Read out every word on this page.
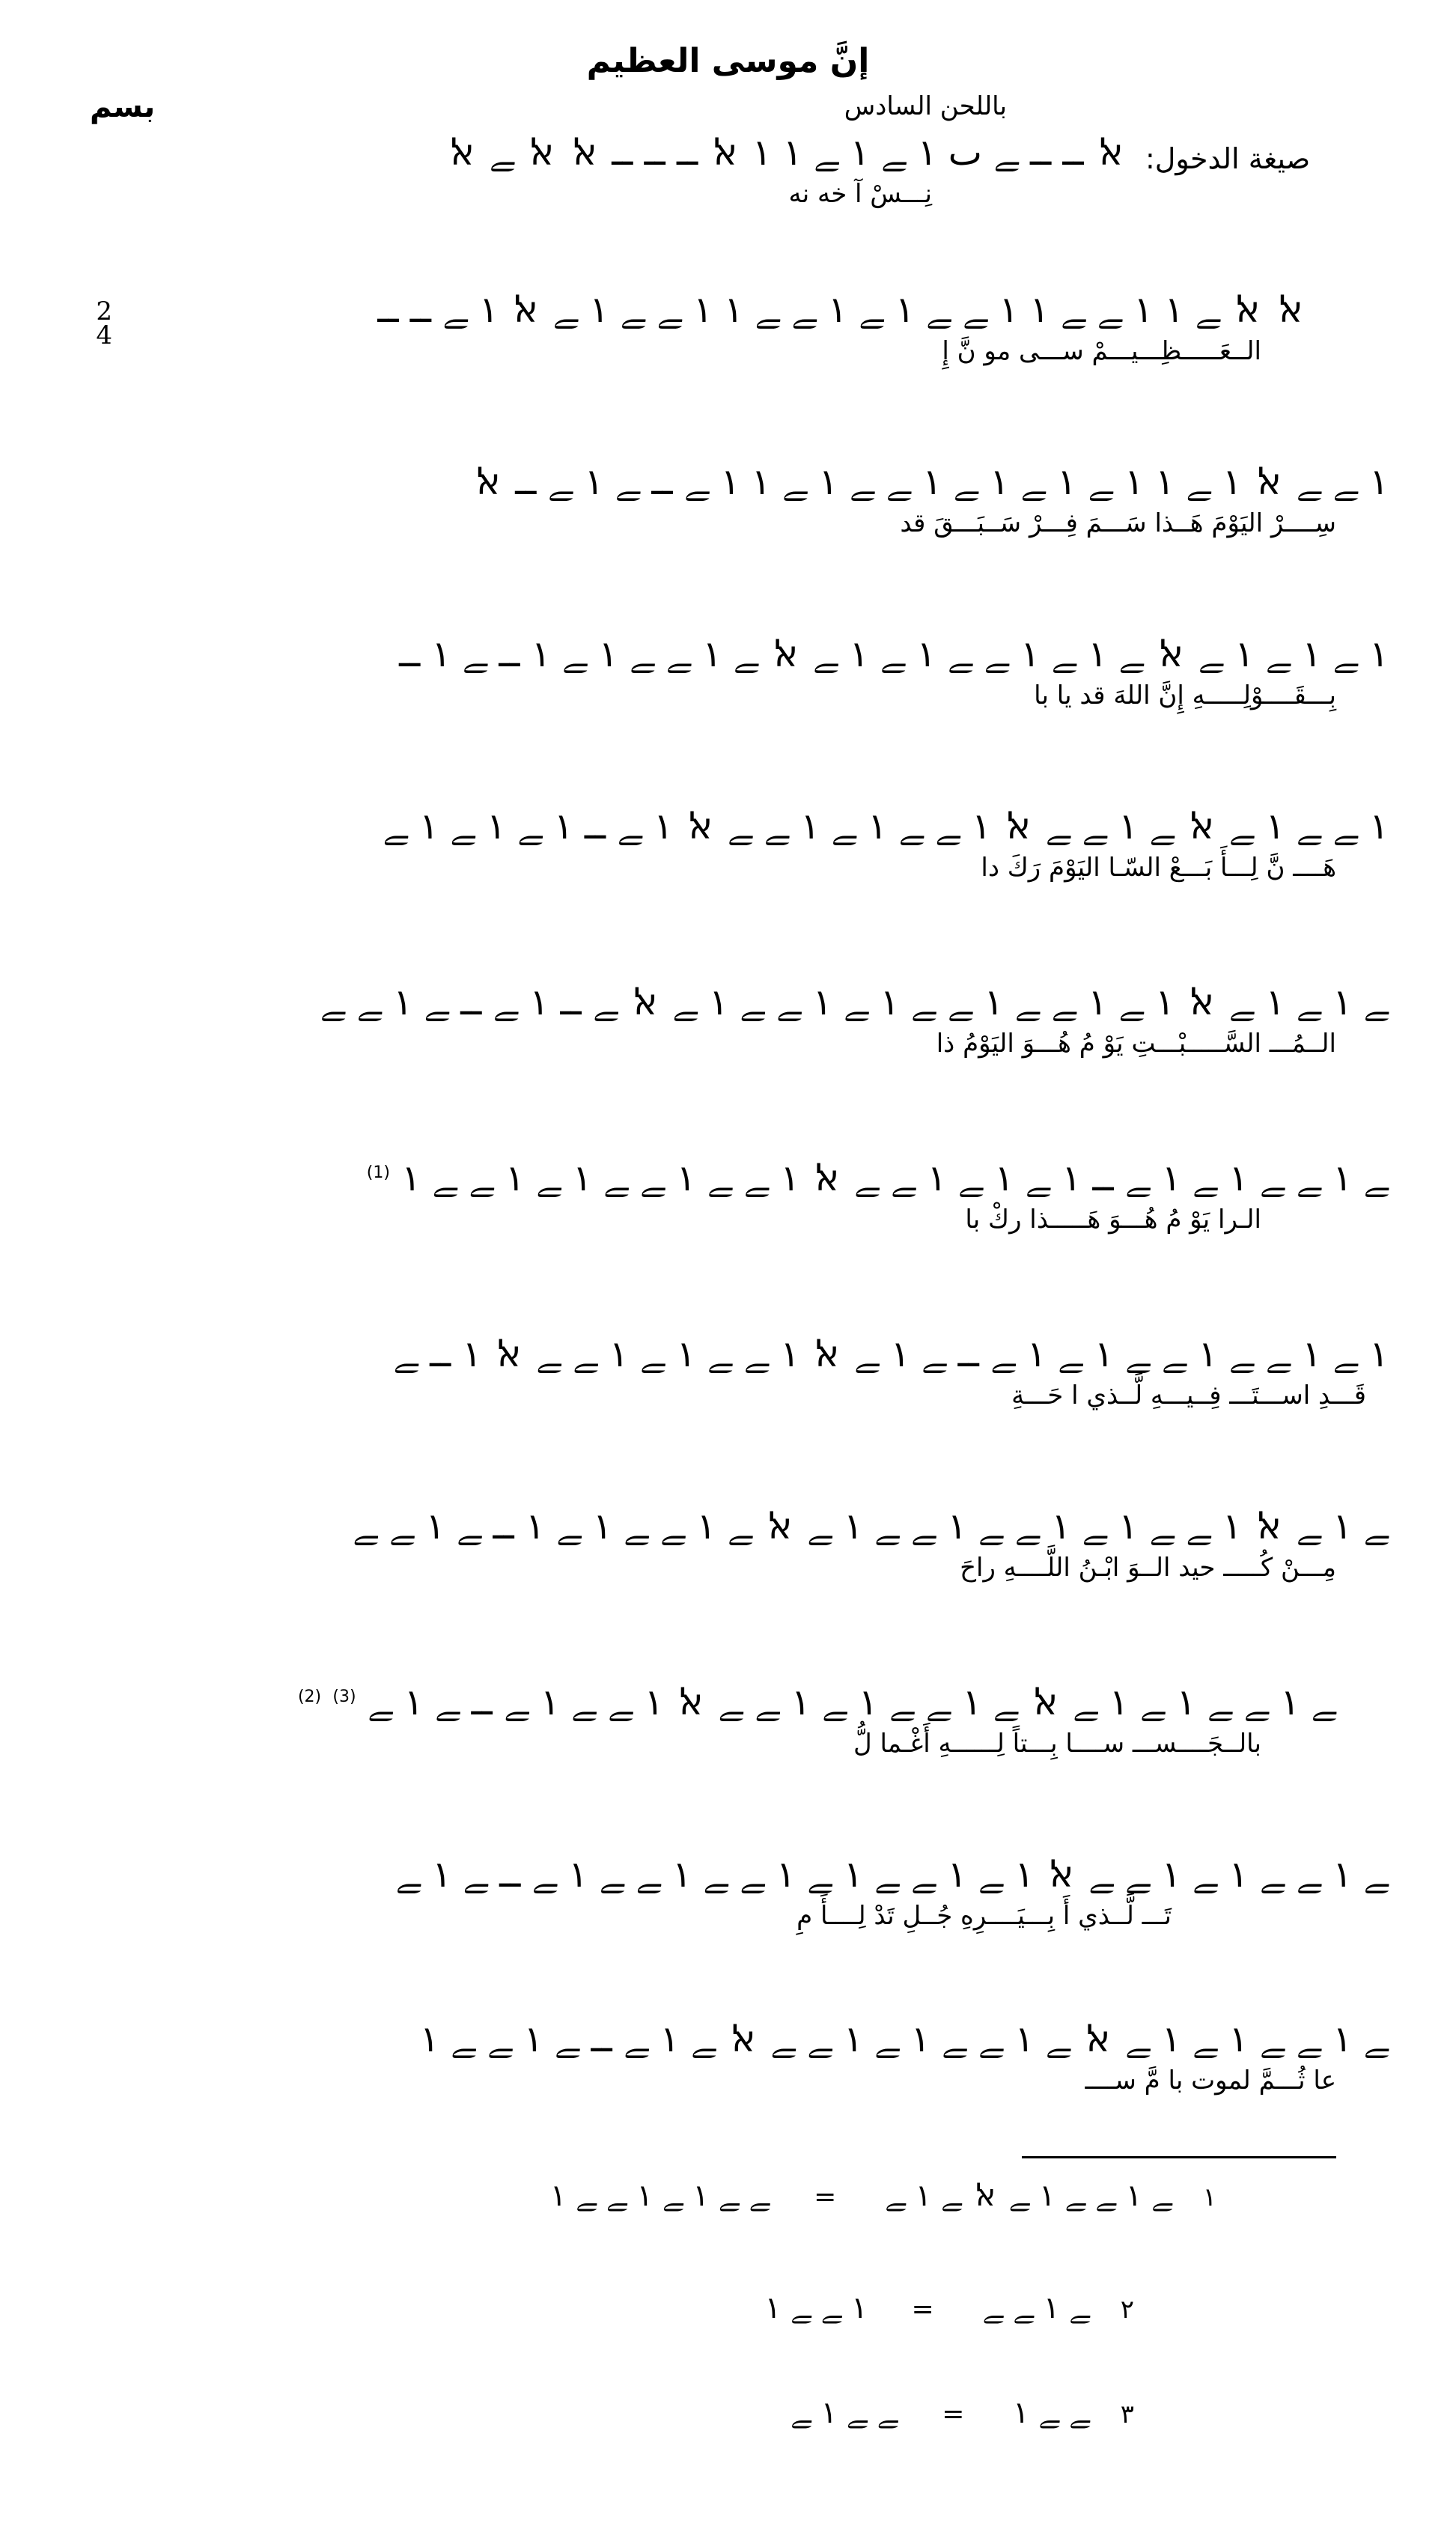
إنَّ موسى العظيم
باللحن السادس
بسم
صيغة الدخول:
ﭏ ــ ــ ﮯ ٮ ١ ﮯ ١ ﮯ ١ ١ ﭏ ــ ــ ــ ﭏ ﭏ ﮯ ﭏ
نِـــسْ آ خه نه
2
4
ﭏ ﭏ ﮯ ١ ١ ﮯ ﮯ ١ ١ ﮯ ﮯ ١ ﮯ ١ ﮯ ﮯ ١ ١ ﮯ ﮯ ١ ﮯ ﭏ ١ ﮯ ــ ــ
الــعَـــــظِـــيـــمْ ســـى مو نَّ إِ
١ ﮯ ﮯ ﭏ ١ ﮯ ١ ١ ﮯ ١ ﮯ ١ ﮯ ١ ﮯ ﮯ ١ ﮯ ١ ١ ﮯ ــ ﮯ ١ ﮯ ــ ﭏ
سِــــرْ اليَوْمَ هَــذا سَـــمَ فِـــرْ سَــبَـــقَ قد
١ ﮯ ١ ﮯ ١ ﮯ ﭏ ﮯ ١ ﮯ ١ ﮯ ﮯ ١ ﮯ ١ ﮯ ﭏ ﮯ ١ ﮯ ﮯ ١ ﮯ ١ ــ ﮯ ١ ــ
بِـــقَــــوْلِـــــهِ إِنَّ اللهَ قد يا با
١ ﮯ ﮯ ١ ﮯ ﭏ ﮯ ١ ﮯ ﮯ ﭏ ١ ﮯ ﮯ ١ ﮯ ١ ﮯ ﮯ ﭏ ١ ﮯ ــ ١ ﮯ ١ ﮯ ١ ﮯ
هَــــ نَّ لِـــأَ بَـــعْ السّـا اليَوْمَ رَكَ دا
ﮯ ١ ﮯ ١ ﮯ ﭏ ١ ﮯ ١ ﮯ ﮯ ١ ﮯ ﮯ ١ ﮯ ١ ﮯ ﮯ ١ ﮯ ﭏ ﮯ ــ ١ ﮯ ــ ﮯ ١ ﮯ ﮯ
الــمُـــ السَّـــــبْـــتِ يَوْ مُ هُـــوَ اليَوْمُ ذا
ﮯ ١ ﮯ ﮯ ١ ﮯ ١ ﮯ ــ ١ ﮯ ١ ﮯ ١ ﮯ ﮯ ﭏ ١ ﮯ ﮯ ١ ﮯ ﮯ ١ ﮯ ١ ﮯ ﮯ ١ $^{(1)}$
الـرا يَوْ مُ هُـــوَ هَـــــذا ركْ با
١ ﮯ ١ ﮯ ﮯ ١ ﮯ ﮯ ١ ﮯ ١ ﮯ ــ ﮯ ١ ﮯ ﭏ ١ ﮯ ﮯ ١ ﮯ ١ ﮯ ﮯ ﭏ ١ ــ ﮯ
قَـــدِ اســـتَـــ فِــيـــهِ لَّــذي ا حَـــةِ
ﮯ ١ ﮯ ﭏ ١ ﮯ ﮯ ١ ﮯ ١ ﮯ ﮯ ١ ﮯ ﮯ ١ ﮯ ﭏ ﮯ ١ ﮯ ﮯ ١ ﮯ ١ ــ ﮯ ١ ﮯ ﮯ
مِـــنْ كُـــــ حيد الــوَ ابْـنُ اللَّــــهِ راحَ
ﮯ ١ ﮯ ﮯ ١ ﮯ ١ ﮯ ﭏ ﮯ ١ ﮯ ﮯ ١ ﮯ ١ ﮯ ﮯ ﭏ ١ ﮯ ﮯ ١ ﮯ ــ ﮯ ١ ﮯ $^{(3)}$ $^{(2)}$
بالــجَــــســـ ســــا بِـــتاً لِــــــهِ أَغْـما لُّ
ﮯ ١ ﮯ ﮯ ١ ﮯ ١ ﮯ ﮯ ﭏ ١ ﮯ ١ ﮯ ﮯ ١ ﮯ ١ ﮯ ﮯ ١ ﮯ ﮯ ١ ﮯ ــ ﮯ ١ ﮯ
تَـــ لَّــذي أَ بِـــيَــــرِهِ جُــلِ تَدْ لِــــأَ مِ
ﮯ ١ ﮯ ﮯ ١ ﮯ ١ ﮯ ﭏ ﮯ ١ ﮯ ﮯ ١ ﮯ ١ ﮯ ﮯ ﭏ ﮯ ١ ﮯ ــ ﮯ ١ ﮯ ﮯ ١
عا ثُـــمَّ لموت با مَّ ســــ
١ ﮯ ١ ﮯ ﮯ ١ ﮯ ﭏ ﮯ ١ ﮯ = ﮯ ﮯ ١ ﮯ ١ ﮯ ﮯ ١
٢ ﮯ ١ ﮯ ﮯ = ١ ﮯ ﮯ ١
٣ ﮯ ﮯ ١ = ﮯ ﮯ ١ ﮯ
